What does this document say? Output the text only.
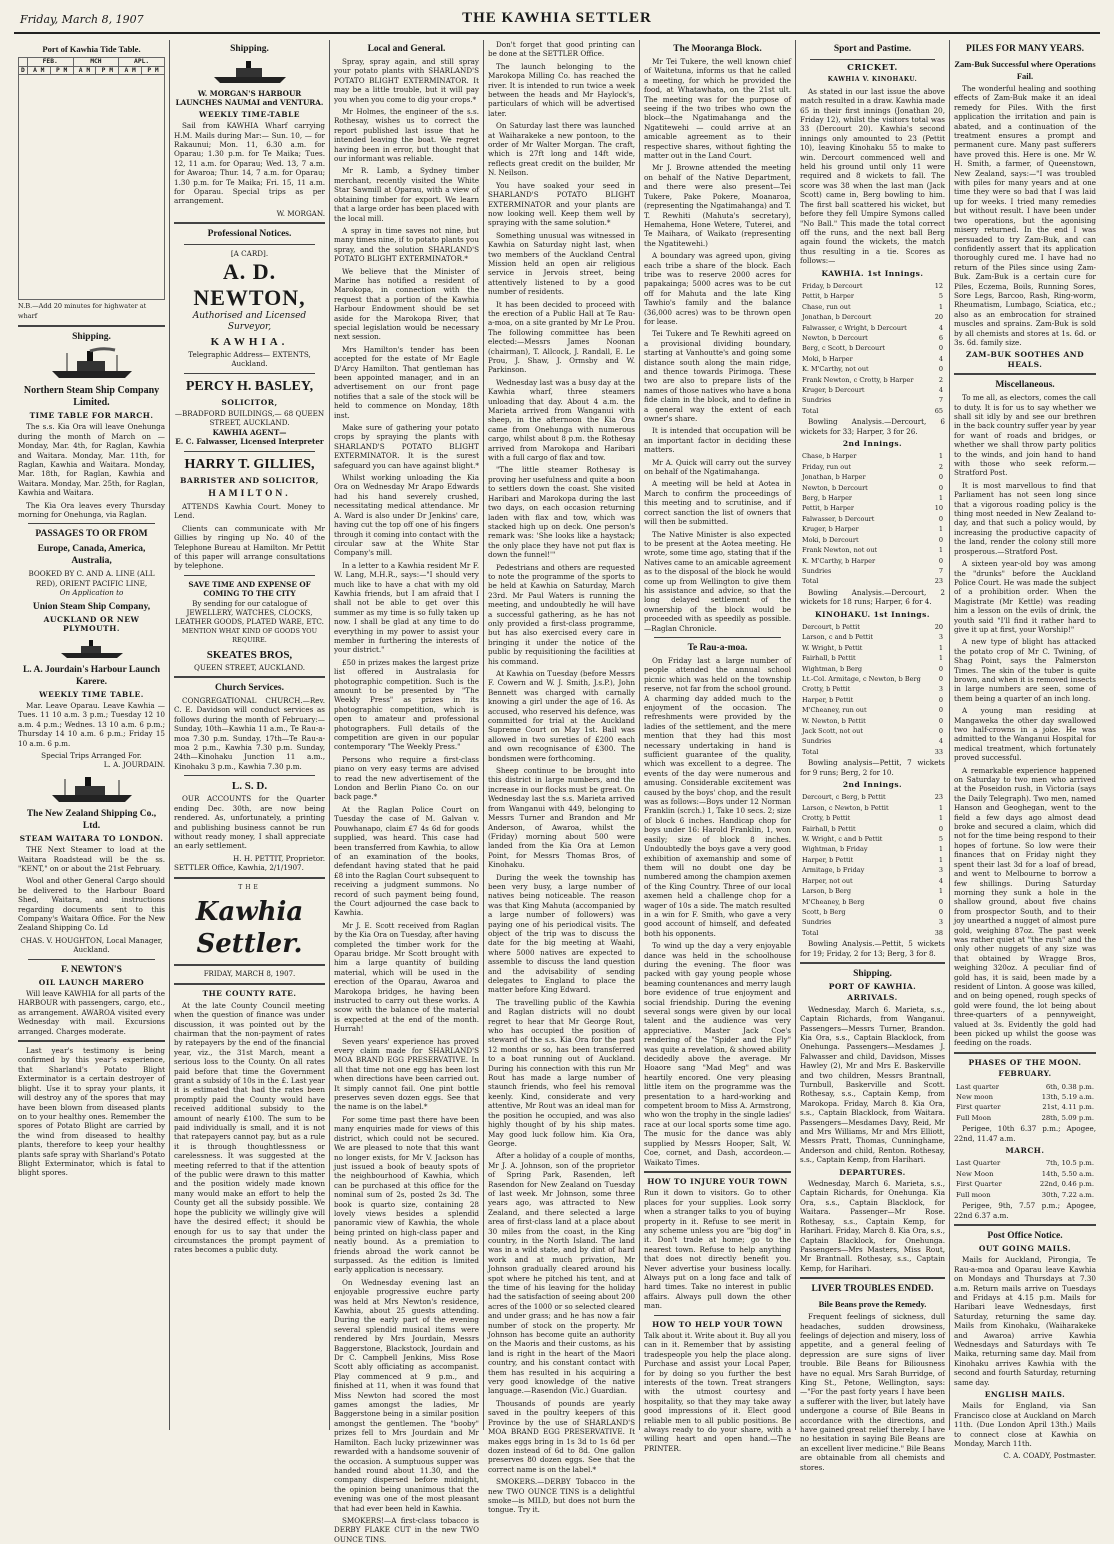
Friday, March 8, 1907	THE KAWHIA SETTLER
Port of Kawhia Tide Table.
	FEB.		MCH		APL.	
D	A M	P M	A M	P M	A M	P M

N.B.—Add 20 minutes for highwater at wharf
Shipping.
Northern Steam Ship Company Limited.
TIME TABLE FOR MARCH.
The s.s. Kia Ora will leave Onehunga during the month of March on — Monday, Mar. 4th, for Raglan, Kawhia and Waitara. Monday, Mar. 11th, for Raglan, Kawhia and Waitara. Monday, Mar. 18th, for Raglan, Kawhia and Waitara. Monday, Mar. 25th, for Raglan, Kawhia and Waitara.
The Kia Ora leaves every Thursday morning for Onehunga, via Raglan.
PASSAGES TO OR FROM
Europe, Canada, America, Australia,
BOOKED BY C. AND A. LINE (ALL RED), ORIENT PACIFIC LINE,
On Application to
Union Steam Ship Company,
AUCKLAND OR NEW PLYMOUTH.
L. A. Jourdain's Harbour Launch Karere.
WEEKLY TIME TABLE.
Mar. Leave Oparau. Leave Kawhia — Tues. 11 10 a.m. 3 p.m.; Tuesday 12 10 a.m. 4 p.m.; Wednes. 13 10 a.m. 6 p.m.; Thursday 14 10 a.m. 6 p.m.; Friday 15 10 a.m. 6 p.m.
Special Trips Arranged For.
L. A. JOURDAIN.
The New Zealand Shipping Co., Ltd.
STEAM WAITARA TO LONDON.
THE Next Steamer to load at the Waitara Roadstead will be the ss. "KENT," on or about the 21st February.
Wool and other General Cargo should be delivered to the Harbour Board Shed, Waitara, and instructions regarding documents sent to this Company's Waitara Office. For the New Zealand Shipping Co. Ld
CHAS. V. HOUGHTON, Local Manager, Auckland.
F. NEWTON'S
OIL LAUNCH MARERO
Will leave KAWHIA for all parts of the HARBOUR with passengers, cargo, etc., as arrangement. AWAROA visited every Wednesday with mail. Excursions arranged. Charges moderate.
Last year's testimony is being confirmed by this year's experience, that Sharland's Potato Blight Exterminator is a certain destroyer of blight. Use it to spray your plants, it will destroy any of the spores that may have been blown from diseased plants on to your healthy ones. Remember the spores of Potato Blight are carried by the wind from diseased to healthy plants, therefore to keep your healthy plants safe spray with Sharland's Potato Blight Exterminator, which is fatal to blight spores.
Shipping.
W. MORGAN'S HARBOUR LAUNCHES NAUMAI and VENTURA.
WEEKLY TIME-TABLE
Sail from KAWHIA Wharf carrying H.M. Mails during Mar:— Sun. 10, — for Rakaunui; Mon. 11, 6.30 a.m. for Oparau; 1.30 p.m. for Te Maika; Tues. 12, 11 a.m. for Oparau; Wed. 13, 7 a.m. for Awaroa; Thur. 14, 7 a.m. for Oparau; 1.30 p.m. for Te Maika; Fri. 15, 11 a.m. for Oparau. Special trips as per arrangement.
W. MORGAN.
Professional Notices.
[A CARD].
A. D. NEWTON,
Authorised and Licensed Surveyor,
KAWHIA.
Telegraphic Address— EXTENTS, Auckland.
PERCY H. BASLEY,
SOLICITOR,
—BRADFORD BUILDINGS,— 68 QUEEN STREET, AUCKLAND.
KAWHIA AGENT—
E. C. Falwasser, Licensed Interpreter
HARRY T. GILLIES,
BARRISTER AND SOLICITOR,
HAMILTON.
ATTENDS Kawhia Court. Money to Lend.
Clients can communicate with Mr Gillies by ringing up No. 40 of the Telephone Bureau at Hamilton. Mr Pettit of this paper will arrange consultations by telephone.
SAVE TIME AND EXPENSE OF COMING TO THE CITY
By sending for our catalogue of JEWELLERY, WATCHES, CLOCKS, LEATHER GOODS, PLATED WARE, ETC.
MENTION WHAT KIND OF GOODS YOU REQUIRE.
SKEATES BROS,
QUEEN STREET, AUCKLAND.
Church Services.
CONGREGATIONAL CHURCH.—Rev. C. E. Davidson will conduct services as follows during the month of February:— Sunday, 10th—Kawhia 11 a.m., Te Rau-a-moa 7.30 p.m. Sunday, 17th—Te Rau-a-moa 2 p.m., Kawhia 7.30 p.m. Sunday, 24th—Kinohaku Junction 11 a.m., Kinohaku 3 p.m., Kawhia 7.30 p.m.
L. S. D.
OUR ACCOUNTS for the Quarter ending Dec. 30th, are now being rendered. As, unfortunately, a printing and publishing business cannot be run without ready money, I shall appreciate an early settlement.
H. H. PETTIT, Proprietor.
SETTLER Office, Kawhia, 2/1/1907.
THE
Kawhia Settler.
FRIDAY, MARCH 8, 1907.
THE COUNTY RATE.
At the late County Council meeting when the question of finance was under discussion, it was pointed out by the chairman that the non-payment of rates by ratepayers by the end of the financial year, viz., the 31st March, meant a serious loss to the County. On all rates paid before that time the Government grant a subsidy of 10s in the £. Last year it is estimated that had the rates been promptly paid the County would have received additional subsidy to the amount of nearly £100. The sum to be paid individually is small, and it is not that ratepayers cannot pay, but as a rule it is through thoughtlessness or carelessness. It was suggested at the meeting referred to that if the attention of the public were drawn to this matter and the position widely made known many would make an effort to help the County get all the subsidy possible. We hope the publicity we willingly give will have the desired effect; it should be enough for us to say that under the circumstances the prompt payment of rates becomes a public duty.
Local and General.
Spray, spray again, and still spray your potato plants with SHARLAND'S POTATO BLIGHT EXTERMINATOR. It may be a little trouble, but it will pay you when you come to dig your crops.*
Mr Holmes, the engineer of the s.s. Rothesay, wishes us to correct the report published last issue that he intended leaving the boat. We regret having been in error, but thought that our informant was reliable.
Mr R. Lamb, a Sydney timber merchant, recently visited the White Star Sawmill at Oparau, with a view of obtaining timber for export. We learn that a large order has been placed with the local mill.
A spray in time saves not nine, but many times nine, if to potato plants you spray, and the solution SHARLAND'S POTATO BLIGHT EXTERMINATOR.*
We believe that the Minister of Marine has notified a resident of Marokopa, in connection with the request that a portion of the Kawhia Harbour Endowment should be set aside for the Marokopa River, that special legislation would be necessary next session.
Mrs Hamilton's tender has been accepted for the estate of Mr Eagle D'Arcy Hamilton. That gentleman has been appointed manager, and in an advertisement on our front page notifies that a sale of the stock will be held to commence on Monday, 18th inst.
Make sure of gathering your potato crops by spraying the plants with SHARLAND'S POTATO BLIGHT EXTERMINATOR. It is the surest safeguard you can have against blight.*
Whilst working unloading the Kia Ora on Wednesday Mr Arapo Edwards had his hand severely crushed, necessitating medical attendance. Mr A. Ward is also under Dr Jenkins' care, having cut the top off one of his fingers through it coming into contact with the circular saw at the White Star Company's mill.
In a letter to a Kawhia resident Mr F. W. Lang, M.H.R., says:—"I should very much like to have a chat with my old Kawhia friends, but I am afraid that I shall not be able to get over this summer as my time is so fully taken up now. I shall be glad at any time to do everything in my power to assist your member in furthering the interests of your district."
£50 in prizes makes the largest prize list offered in Australasia for photographic competition. Such is the amount to be presented by "The Weekly Press" as prizes in its photographic competition, which is open to amateur and professional photographers. Full details of the competition are given in our popular contemporary "The Weekly Press."
Persons who require a first-class piano on very easy terms are advised to read the new advertisement of the London and Berlin Piano Co. on our back page.*
At the Raglan Police Court on Tuesday the case of M. Galvan v. Pouwhanapo, claim £7 4s 6d for goods supplied, was heard. This case had been transferred from Kawhia, to allow of an examination of the books, defendant having stated that he paid £8 into the Raglan Court subsequent to receiving a judgment summons. No record of such payment being found, the Court adjourned the case back to Kawhia.
Mr J. E. Scott received from Raglan by the Kia Ora on Tuesday, after having completed the timber work for the Oparau bridge. Mr Scott brought with him a large quantity of building material, which will be used in the erection of the Oparau, Awaroa and Marokopa bridges, he having been instructed to carry out these works. A scow with the balance of the material is expected at the end of the month. Hurrah!
Seven years' experience has proved every claim made for SHARLAND'S MOA BRAND EGG PRESERVATIVE. In all that time not one egg has been lost when directions have been carried out. It simply cannot fail. One pint bottle preserves seven dozen eggs. See that the name is on the label.*
For some time past there have been many enquiries made for views of this district, which could not be secured. We are pleased to note that this want no longer exists, for Mr V. Jackson has just issued a book of beauty spots of the neighbourhood of Kawhia, which can be purchased at this office for the nominal sum of 2s, posted 2s 3d. The book is quarto size, containing 28 lovely views besides a splendid panoramic view of Kawhia, the whole being printed on high-class paper and neatly bound. As a premiation to friends abroad the work cannot be surpassed. As the edition is limited early application is necessary.
On Wednesday evening last an enjoyable progressive euchre party was held at Mrs Newton's residence, Kawhia, about 25 guests attending. During the early part of the evening several splendid musical items were rendered by Mrs Jourdain, Messrs Baggerstone, Blackstock, Jourdain and Dr C. Campbell Jenkins, Miss Rose Scott ably officiating as accompanist. Play commenced at 9 p.m., and finished at 11, when it was found that Miss Newton had scored the most games amongst the ladies, Mr Baggerstone being in a similar position amongst the gentlemen. The "booby" prizes fell to Mrs Jourdain and Mr Hamilton. Each lucky prizewinner was rewarded with a handsome souvenir of the occasion. A sumptuous supper was handed round about 11.30, and the company dispersed before midnight, the opinion being unanimous that the evening was one of the most pleasant that had ever been held in Kawhia.
SMOKERS!—A first-class tobacco is DERBY FLAKE CUT in the new TWO OUNCE TINS.
Don't forget that good printing can be done at the SETTLER Office.
The launch belonging to the Marokopa Milling Co. has reached the river. It is intended to run twice a week between the heads and Mr Haylock's, particulars of which will be advertised later.
On Saturday last there was launched at Waiharakeke a new pontoon, to the order of Mr Walter Morgan. The craft, which is 27ft long and 14ft wide, reflects great credit on the builder, Mr N. Neilson.
You have soaked your seed in SHARLAND'S POTATO BLIGHT EXTERMINATOR and your plants are now looking well. Keep them well by spraying with the same solution.*
Something unusual was witnessed in Kawhia on Saturday night last, when two members of the Auckland Central Mission held an open air religious service in Jervois street, being attentively listened to by a good number of residents.
It has been decided to proceed with the erection of a Public Hall at Te Rau-a-moa, on a site granted by Mr Le Prou. The following committee has been elected:—Messrs James Noonan (chairman), T. Allcock, J. Randall, E. Le Prou, J. Shaw, J. Ormsby and W. Parkinson.
Wednesday last was a busy day at the Kawhia wharf, three steamers unloading that day. About 4 a.m. the Marieta arrived from Wanganui with sheep, in the afternoon the Kia Ora came from Onehunga with numerous cargo, whilst about 8 p.m. the Rothesay arrived from Marokopa and Haribari with a full cargo of flax and tow.
"The little steamer Rothesay is proving her usefulness and quite a boon to settlers down the coast. She visited Haribari and Marokopa during the last two days, on each occasion returning laden with flax and tow, which was stacked high up on deck. One person's remark was: 'She looks like a haystack; the only place they have not put flax is down the funnel!'"
Pedestrians and others are requested to note the programme of the sports to be held at Kawhia on Saturday, March 23rd. Mr Paul Waters is running the meeting, and undoubtedly he will have a successful gathering, as he has not only provided a first-class programme, but has also exercised every care in bringing it under the notice of the public by requisitioning the facilities at his command.
At Kawhia on Tuesday (before Messrs F. Cowern and W. J. Smith, J.s.P.), John Bennett was charged with carnally knowing a girl under the age of 16. As accused, who reserved his defence, was committed for trial at the Auckland Supreme Court on May 1st. Bail was allowed in two sureties of £200 each and own recognisance of £300. The bondsmen were forthcoming.
Sheep continue to be brought into this district in large numbers, and the increase in our flocks must be great. On Wednesday last the s.s. Marieta arrived from Wanganui with 449, belonging to Messrs Turner and Brandon and Mr Anderson, of Awaroa, whilst the (Friday) morning about 500 were landed from the Kia Ora at Lemon Point, for Messrs Thomas Bros, of Kinohaku.
During the week the township has been very busy, a large number of natives being noticeable. The reason was that King Mahuta (accompanied by a large number of followers) was paying one of his periodical visits. The object of the trip was to discuss the date for the big meeting at Waahi, where 5000 natives are expected to assemble to discuss the land question and the advisability of sending delegates to England to place the matter before King Edward.
The travelling public of the Kawhia and Raglan districts will no doubt regret to hear that Mr George Rout, who has occupied the position of steward of the s.s. Kia Ora for the past 12 months or so, has been transferred to a boat running out of Auckland. During his connection with this run Mr Rout has made a large number of staunch friends, who feel his removal keenly. Kind, considerate and very attentive, Mr Rout was an ideal man for the position he occupied, and was also highly thought of by his ship mates. May good luck follow him. Kia Ora, George.
After a holiday of a couple of months, Mr J. A. Johnson, son of the proprietor of Spring Park, Rasenden, left Rasendon for New Zealand on Tuesday of last week. Mr Johnson, some three years ago, was attracted to New Zealand, and there selected a large area of first-class land at a place about 30 miles from the coast, in the King country, in the North Island. The land was in a wild state, and by dint of hard work and at much privation, Mr Johnson gradually cleared around his spot where he pitched his tent, and at the time of his leaving for the holiday had the satisfaction of seeing about 200 acres of the 1000 or so selected cleared and under grass; and he has now a fair number of stock on the property. Mr Johnson has become quite an authority on the Maoris and their customs, as his land is right in the heart of the Maori country, and his constant contact with them has resulted in his acquiring a very good knowledge of the native language.—Rasendon (Vic.) Guardian.
Thousands of pounds are yearly saved in the poultry keepers of this Province by the use of SHARLAND'S MOA BRAND EGG PRESERVATIVE. It makes eggs bring in 1s 3d to 1s 6d per dozen instead of 6d to 8d. One gallon preserves 80 dozen eggs. See that the correct name is on the label.*
SMOKERS.—DERBY Tobacco in the new TWO OUNCE TINS is a delightful smoke—is MILD, but does not burn the tongue. Try it.
The Mooranga Block.
Mr Tei Tukere, the well known chief of Waitetuna, informs us that he called a meeting, for which he provided the food, at Whatawhata, on the 21st ult. The meeting was for the purpose of seeing if the two tribes who own the block—the Ngatimahanga and the Ngatitewehi — could arrive at an amicable agreement as to their respective shares, without fighting the matter out in the Land Court.
Mr J. Browne attended the meeting on behalf of the Native Department, and there were also present—Tei Tukere, Pake Pokere, Moanaroa, (representing the Ngatimahanga) and T. T. Rewhiti (Mahuta's secretary), Hemahema, Hone Wetere, Tuterei, and Te Maihara, of Waikato (representing the Ngatitewehi.)
A boundary was agreed upon, giving each tribe a share of the block. Each tribe was to reserve 2000 acres for papakainga; 5000 acres was to be cut off for Mahuta and the late King Tawhio's family and the balance (36,000 acres) was to be thrown open for lease.
Tei Tukere and Te Rewhiti agreed on a provisional dividing boundary, starting at Vanhoutte's and going some distance south along the main ridge, and thence towards Pirimoga. These two are also to prepare lists of the names of those natives who have a bona fide claim in the block, and to define in a general way the extent of each owner's share.
It is intended that occupation will be an important factor in deciding these matters.
Mr A. Quick will carry out the survey on behalf of the Ngatimahanga.
A meeting will be held at Aotea in March to confirm the proceedings of this meeting and to scrutinise, and if correct sanction the list of owners that will then be submitted.
The Native Minister is also expected to be present at the Aotea meeting. He wrote, some time ago, stating that if the Natives came to an amicable agreement as to the disposal of the block he would come up from Wellington to give them his assistance and advice, so that the long delayed settlement of the ownership of the block would be proceeded with as speedily as possible.—Raglan Chronicle.
Te Rau-a-moa.
On Friday last a large number of people attended the annual school picnic which was held on the township reserve, not far from the school ground. A charming day added much to the enjoyment of the occasion. The refreshments were provided by the ladies of the settlement, and the mere mention that they had this most necessary undertaking in hand is sufficient guarantee of the quality, which was excellent to a degree. The events of the day were numerous and amusing. Considerable excitement was caused by the boys' chop, and the result was as follows:—Boys under 12 Norman Franklin (scrch.) 1, Take 10 secs. 2; size of block 6 inches. Handicap chop for boys under 16: Harold Franklin, 1, won easily; size of block 8 inches. Undoubtedly the boys gave a very good exhibition of axemanship and some of them will no doubt one day be numbered among the champion axemen of the King Country. Three of our local axemen held a challenge chop for a wager of 10s a side. The match resulted in a win for F. Smith, who gave a very good account of himself, and defeated both his opponents.
To wind up the day a very enjoyable dance was held in the schoolhouse during the evening. The floor was packed with gay young people whose beaming countenances and merry laugh bore evidence of true enjoyment and social friendship. During the evening several songs were given by our local talent and the audience was very appreciative. Master Jack Coe's rendering of the "Spider and the Fly" was quite a revelation, & showed ability decidedly above the average. Mr Hoaore sang "Mad Meg" and was heartily encored. One very pleasing little item on the programme was the presentation to a hard-working and competent broom to Miss A. Armstrong, who won the trophy in the single ladies' race at our local sports some time ago. The music for the dance was ably supplied by Messrs Hooper, Salt, W. Coe, cornet, and Dash, accordeon.—Waikato Times.
HOW TO INJURE YOUR TOWN
Run it down to visitors. Go to other places for your supplies. Look sorry when a stranger talks to you of buying property in it. Refuse to see merit in any scheme unless you are "big dog" in it. Don't trade at home; go to the nearest town. Refuse to help anything that does not directly benefit you. Never advertise your business locally. Always put on a long face and talk of hard times. Take no interest in public affairs. Always pull down the other man.
HOW TO HELP YOUR TOWN
Talk about it. Write about it. Buy all you can in it. Remember that by assisting tradespeople you help the place along. Purchase and assist your Local Paper, for by doing so you further the best interests of the town. Treat strangers with the utmost courtesy and hospitality, so that they may take away good impressions of it. Elect good reliable men to all public positions. Be always ready to do your share, with a willing heart and open hand.—The PRINTER.
Sport and Pastime.
CRICKET.
KAWHIA V. KINOHAKU.
As stated in our last issue the above match resulted in a draw. Kawhia made 65 in their first innings (Jonathan 20, Friday 12), whilst the visitors total was 33 (Dercourt 20). Kawhia's second innings only amounted to 23 (Pettit 10), leaving Kinohaku 55 to make to win. Dercourt commenced well and held his ground until only 11 were required and 8 wickets to fall. The score was 38 when the last man (Jack Scott) came in, Berg bowling to him. The first ball scattered his wicket, but before they fell Umpire Symons called "No Ball." This made the total correct off the runs, and the next ball Berg again found the wickets, the match thus resulting in a tie. Scores as follows:—
KAWHIA. 1st Innings.
Friday, b Dercourt	12
Pettit, b Harper	5
Chase, run out	1
Jonathan, b Dercourt	20
Falwasser, c Wright, b Dercourt	4
Newton, b Dercourt	6
Berg, c Scott, b Dercourt	0
Moki, b Harper	4
K. M'Carthy, not out	0
Frank Newton, c Crotty, b Harper	2
Kruger, b Dercourt	4
Sundries	7
Total	65
Bowling Analysis.—Dercourt, 6 wickets for 33; Harper, 3 for 26.
2nd Innings.
Chase, b Harper	1
Friday, run out	2
Jonathan, b Harper	0
Newton, b Dercourt	0
Berg, b Harper	1
Pettit, b Harper	10
Falwasser, b Dercourt	0
Kruger, b Harper	1
Moki, b Dercourt	0
Frank Newton, not out	1
K. M'Carthy, b Harper	0
Sundries	7
Total	23
Bowling Analysis.—Dercourt, 2 wickets for 18 runs; Harper, 6 for 4.
KINOHAKU. 1st Innings.
Dercourt, b Pettit	20
Larson, c and b Pettit	3
W. Wright, b Pettit	1
Fairhall, b Pettit	1
Wightman, b Berg	0
Lt.-Col. Armitage, c Newton, b Berg	0
Crotty, b Pettit	3
Harper, b Pettit	0
M'Cheaney, run out	0
W. Newton, b Pettit	0
Jack Scott, not out	0
Sundries	4
Total	33
Bowling analysis—Pettit, 7 wickets for 9 runs; Berg, 2 for 10.
2nd Innings.
Dercourt, c Berg, b Pettit	23
Larson, c Newton, b Pettit	1
Crotty, b Pettit	1
Fairhall, b Pettit	0
W. Wright, c and b Pettit	5
Wightman, b Friday	1
Harper, b Pettit	1
Armitage, b Friday	3
Harper, not out	4
Larson, b Berg	1
M'Cheaney, b Berg	0
Scott, b Berg	0
Sundries	3
Total	38
Bowling Analysis.—Pettit, 5 wickets for 19; Friday, 2 for 13; Berg, 3 for 8.
Shipping.
PORT OF KAWHIA.
ARRIVALS.
Wednesday, March 6. Marieta, s.s., Captain Richards, from Wanganui. Passengers—Messrs Turner, Brandon. Kia Ora, s.s., Captain Blacklock, from Onehunga. Passengers—Mesdames J. Falwasser and child, Davidson, Misses Hawley (2), Mr and Mrs E. Baskerville and two children, Messrs Brantnall, Turnbull, Baskerville and Scott. Rothesay, s.s., Captain Kemp, from Marokopa. Friday, March 8. Kia Ora, s.s., Captain Blacklock, from Waitara. Passengers—Mesdames Davy, Reid, Mr and Mrs Williams, Mr and Mrs Elliott, Messrs Pratt, Thomas, Cunninghame, Anderson and child, Renton. Rothesay, s.s., Captain Kemp, from Harihari.
DEPARTURES.
Wednesday, March 6. Marieta, s.s., Captain Richards, for Onehunga. Kia Ora, s.s., Captain Blacklock, for Waitara. Passenger—Mr Rose. Rothesay, s.s., Captain Kemp, for Harihari. Friday, March 8. Kia Ora, s.s., Captain Blacklock, for Onehunga. Passengers—Mrs Masters, Miss Rout, Mr Brantnall. Rothesay, s.s., Captain Kemp, for Harihari.
LIVER TROUBLES ENDED.
Bile Beans prove the Remedy.
Frequent feelings of sickness, dull headaches, sudden drowsiness, feelings of dejection and misery, loss of appetite, and a general feeling of depression are sure signs of liver trouble. Bile Beans for Biliousness have no equal. Mrs Sarah Burridge, of King St., Petone, Wellington, says:—"For the past forty years I have been a sufferer with the liver, but lately have undergone a course of Bile Beans in accordance with the directions, and have gained great relief thereby. I have no hesitation in saying Bile Beans are an excellent liver medicine." Bile Beans are obtainable from all chemists and stores.
PILES FOR MANY YEARS.
Zam-Buk Successful where Operations Fail.
The wonderful healing and soothing effects of Zam-Buk make it an ideal remedy for Piles. With the first application the irritation and pain is abated, and a continuation of the treatment ensures a prompt and permanent cure. Many past sufferers have proved this. Here is one. Mr W. H. Smith, a farmer, of Queenstown, New Zealand, says:—"I was troubled with piles for many years and at one time they were so bad that I was laid up for weeks. I tried many remedies but without result. I have been under two operations, but the agonising misery returned. In the end I was persuaded to try Zam-Buk, and can confidently assert that its application thoroughly cured me. I have had no return of the Piles since using Zam-Buk. Zam-Buk is a certain cure for Piles, Eczema, Boils, Running Sores, Sore Legs, Barcoo, Rash, Ring-worm, Rheumatism, Lumbago, Sciatica, etc.; also as an embrocation for strained muscles and sprains. Zam-Buk is sold by all chemists and stores at 1s. 6d. or 3s. 6d. family size.
ZAM-BUK SOOTHES AND HEALS.
Miscellaneous.
To me all, as electors, comes the call to duty. It is for us to say whether we shall sit idly by and see our brethren in the back country suffer year by year for want of roads and bridges, or whether we shall throw party politics to the winds, and join hand to hand with those who seek reform.—Stratford Post.
It is most marvellous to find that Parliament has not seen long since that a vigorous roading policy is the thing most needed in New Zealand to-day, and that such a policy would, by increasing the productive capacity of the land, render the colony still more prosperous.—Stratford Post.
A sixteen year-old boy was among the "drunks" before the Auckland Police Court. He was made the subject of a prohibition order. When the Magistrate (Mr Kettle) was reading him a lesson on the evils of drink, the youth said "I'll find it rather hard to give it up at first, your Worship!"
A new type of blight has attacked the potato crop of Mr C. Twining, of Shag Point, says the Palmerston Times. The skin of the tuber is quite brown, and when it is removed insects in large numbers are seen, some of them being a quarter of an inch long.
A young man residing at Mangaweka the other day swallowed two half-crowns in a joke. He was admitted to the Wanganui Hospital for medical treatment, which fortunately proved successful.
A remarkable experience happened on Saturday to two men who arrived at the Poseidon rush, in Victoria (says the Daily Telegraph). Two men, named Hanson and Geoghegan, went to the field a few days ago almost dead broke and secured a claim, which did not for the time being respond to their hopes of fortune. So low were their finances that on Friday night they spent their last 3d for a loaf of bread, and went to Melbourne to borrow a few shillings. During Saturday morning they sunk a hole in the shallow ground, about five chains from prospector South, and to their joy unearthed a nugget of almost pure gold, weighing 87oz. The past week was rather quiet at "the rush" and the only other nuggets of any size was that obtained by Wragge Bros, weighing 320oz. A peculiar find of gold has, it is said, been made by a resident of Linton. A goose was killed, and on being opened, rough specks of gold were found, the lot being about three-quarters of a pennyweight, valued at 3s. Evidently the gold had been picked up whilst the goose was feeding on the roads.
PHASES OF THE MOON.
FEBRUARY.
Last quarter	6th, 0.38 p.m.
New moon	13th, 5.19 a.m.
First quarter	21st, 4.11 p.m.
Full Moon	28th, 5.09 p.m.
Perigee, 10th 6.37 p.m.; Apogee, 22nd, 11.47 a.m.
MARCH.
Last Quarter	7th, 10.5 p.m.
New Moon	14th, 5.50 a.m.
First Quarter	22nd, 0.46 p.m.
Full moon	30th, 7.22 a.m.
Perigee, 9th, 7.57 p.m.; Apogee, 22nd 6.37 a.m.
Post Office Notice.
OUT GOING MAILS.
Mails for Auckland, Pirongia, Te Rau-a-moa and Oparau leave Kawhia on Mondays and Thursdays at 7.30 a.m. Return mails arrive on Tuesdays and Fridays at 4.15 p.m. Mails for Haribari leave Wednesdays, first Saturday, returning the same day. Mails from Kinohaku, (Waiharakeke and Awaroa) arrive Kawhia Wednesdays and Saturdays with Te Maika, returning same day. Mail from Kinohaku arrives Kawhia with the second and fourth Saturday, returning same day.
ENGLISH MAILS.
Mails for England, via San Francisco close at Auckland on March 11th. (Due London April 13th.) Mails to connect close at Kawhia on Monday, March 11th.
C. A. COADY, Postmaster.
